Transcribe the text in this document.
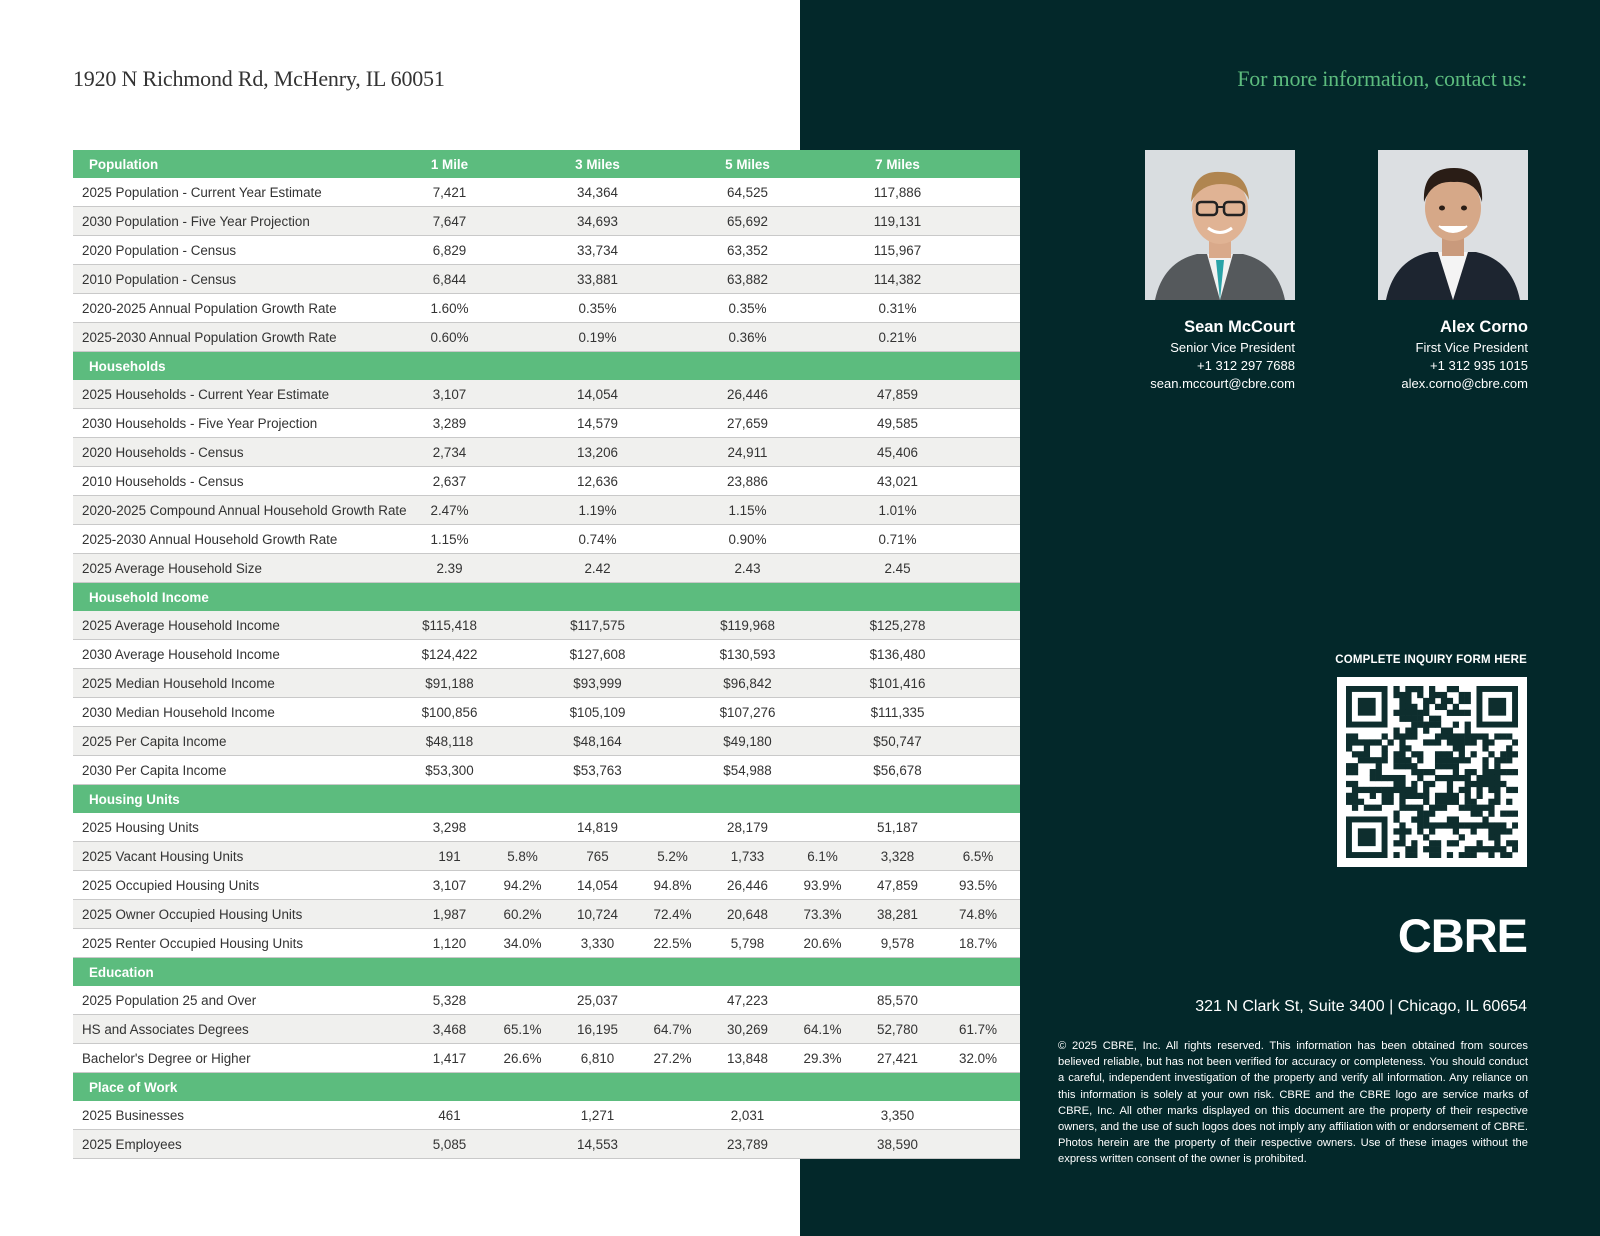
1920 N Richmond Rd, McHenry, IL 60051	For more information, contact us:
Population	1 Mile		3 Miles		5 Miles		7 Miles	
2025 Population - Current Year Estimate	7,421		34,364		64,525		117,886	
2030 Population - Five Year Projection	7,647		34,693		65,692		119,131	
2020 Population - Census	6,829		33,734		63,352		115,967	
2010 Population - Census	6,844		33,881		63,882		114,382	
2020-2025 Annual Population Growth Rate	1.60%		0.35%		0.35%		0.31%	
2025-2030 Annual Population Growth Rate	0.60%		0.19%		0.36%		0.21%	
Households								
2025 Households - Current Year Estimate	3,107		14,054		26,446		47,859	
2030 Households - Five Year Projection	3,289		14,579		27,659		49,585	
2020 Households - Census	2,734		13,206		24,911		45,406	
2010 Households - Census	2,637		12,636		23,886		43,021	
2020-2025 Compound Annual Household Growth Rate	2.47%		1.19%		1.15%		1.01%	
2025-2030 Annual Household Growth Rate	1.15%		0.74%		0.90%		0.71%	
2025 Average Household Size	2.39		2.42		2.43		2.45	
Household Income								
2025 Average Household Income	$115,418		$117,575		$119,968		$125,278	
2030 Average Household Income	$124,422		$127,608		$130,593		$136,480	
2025 Median Household Income	$91,188		$93,999		$96,842		$101,416	
2030 Median Household Income	$100,856		$105,109		$107,276		$111,335	
2025 Per Capita Income	$48,118		$48,164		$49,180		$50,747	
2030 Per Capita Income	$53,300		$53,763		$54,988		$56,678	
Housing Units								
2025 Housing Units	3,298		14,819		28,179		51,187	
2025 Vacant Housing Units	191	5.8%	765	5.2%	1,733	6.1%	3,328	6.5%
2025 Occupied Housing Units	3,107	94.2%	14,054	94.8%	26,446	93.9%	47,859	93.5%
2025 Owner Occupied Housing Units	1,987	60.2%	10,724	72.4%	20,648	73.3%	38,281	74.8%
2025 Renter Occupied Housing Units	1,120	34.0%	3,330	22.5%	5,798	20.6%	9,578	18.7%
Education								
2025 Population 25 and Over	5,328		25,037		47,223		85,570	
HS and Associates Degrees	3,468	65.1%	16,195	64.7%	30,269	64.1%	52,780	61.7%
Bachelor's Degree or Higher	1,417	26.6%	6,810	27.2%	13,848	29.3%	27,421	32.0%
Place of Work								
2025 Businesses	461		1,271		2,031		3,350	
2025 Employees	5,085		14,553		23,789		38,590	
Sean McCourt
Senior Vice President
+1 312 297 7688
sean.mccourt@cbre.com
Alex Corno
First Vice President
+1 312 935 1015
alex.corno@cbre.com
COMPLETE INQUIRY FORM HERE
CBRE
321 N Clark St, Suite 3400 | Chicago, IL 60654
© 2025 CBRE, Inc. All rights reserved. This information has been obtained from sources believed reliable, but has not been verified for accuracy or completeness. You should conduct a careful, independent investigation of the property and verify all information. Any reliance on this information is solely at your own risk. CBRE and the CBRE logo are service marks of CBRE, Inc. All other marks displayed on this document are the property of their respective owners, and the use of such logos does not imply any affiliation with or endorsement of CBRE. Photos herein are the property of their respective owners. Use of these images without the express written consent of the owner is prohibited.
